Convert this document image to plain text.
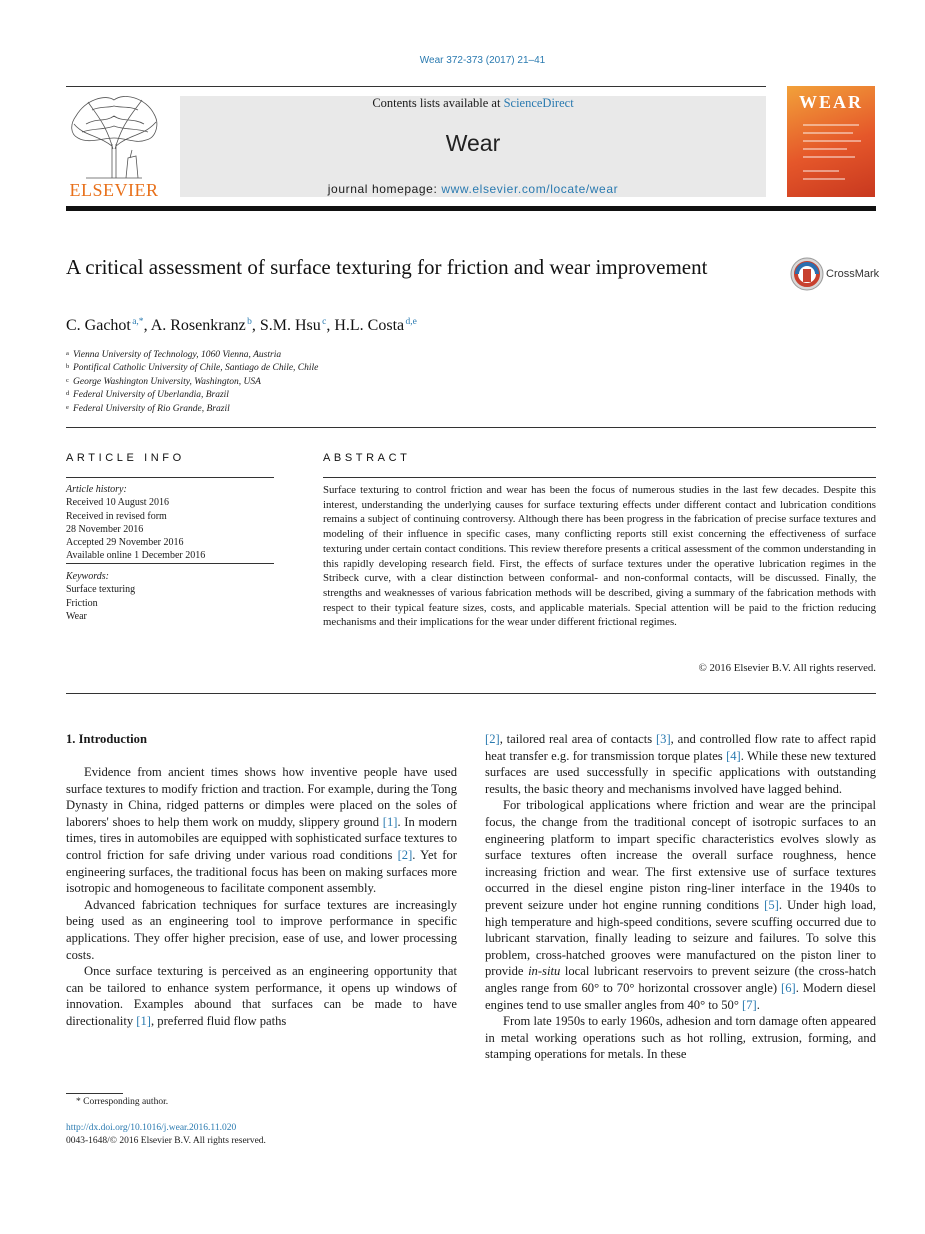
Wear 372-373 (2017) 21–41
ELSEVIER
Contents lists available at ScienceDirect
Wear
journal homepage: www.elsevier.com/locate/wear
WEAR
A critical assessment of surface texturing for friction and wear improvement	CrossMark
C. Gachot $^{a,*}$, A. Rosenkranz $^b$, S.M. Hsu $^c$, H.L. Costa $^{d,e}$
a Vienna University of Technology, 1060 Vienna, Austria
b Pontifical Catholic University of Chile, Santiago de Chile, Chile
c George Washington University, Washington, USA
d Federal University of Uberlandia, Brazil
e Federal University of Rio Grande, Brazil
ARTICLE INFO
Article history:
Received 10 August 2016
Received in revised form
28 November 2016
Accepted 29 November 2016
Available online 1 December 2016
Keywords:
Surface texturing
Friction
Wear
ABSTRACT
Surface texturing to control friction and wear has been the focus of numerous studies in the last few decades. Despite this interest, understanding the underlying causes for surface texturing effects under different contact and lubrication conditions remains a subject of continuing controversy. Although there has been progress in the fabrication of precise surface textures and modeling of their influence in specific cases, many conflicting reports still exist concerning the effectiveness of surface texturing under certain contact conditions. This review therefore presents a critical assessment of the common understanding in this rapidly developing research field. First, the effects of surface textures under the operative lubrication regimes in the Stribeck curve, with a clear distinction between conformal- and non-conformal contacts, will be discussed. Finally, the strengths and weaknesses of various fabrication methods will be described, giving a summary of the fabrication methods with respect to their typical feature sizes, costs, and applicable materials. Special attention will be paid to the friction reducing mechanisms and their implications for the wear under different frictional regimes.
© 2016 Elsevier B.V. All rights reserved.
1. Introduction

Evidence from ancient times shows how inventive people have used surface textures to modify friction and traction. For example, during the Tong Dynasty in China, ridged patterns or dimples were placed on the soles of laborers' shoes to help them work on muddy, slippery ground [1]. In modern times, tires in automobiles are equipped with sophisticated surface textures to control friction for safe driving under various road conditions [2]. Yet for engineering surfaces, the traditional focus has been on making surfaces more isotropic and homogeneous to facilitate component assembly.

Advanced fabrication techniques for surface textures are increasingly being used as an engineering tool to improve performance in specific applications. They offer higher precision, ease of use, and lower processing costs.

Once surface texturing is perceived as an engineering opportunity that can be tailored to enhance system performance, it opens up windows of innovation. Examples abound that surfaces can be made to have directionality [1], preferred fluid flow paths

[2], tailored real area of contacts [3], and controlled flow rate to affect rapid heat transfer e.g. for transmission torque plates [4]. While these new textured surfaces are used successfully in specific applications with outstanding results, the basic theory and mechanisms involved have lagged behind.

For tribological applications where friction and wear are the principal focus, the change from the traditional concept of isotropic surfaces to an engineering platform to impart specific characteristics evolves slowly as surface textures often increase the overall surface roughness, hence increasing friction and wear. The first extensive use of surface textures occurred in the diesel engine piston ring-liner interface in the 1940s to prevent seizure under hot engine running conditions [5]. Under high load, high temperature and high-speed conditions, severe scuffing occurred due to lubricant starvation, finally leading to seizure and failures. To solve this problem, cross-hatched grooves were manufactured on the piston liner to provide in-situ local lubricant reservoirs to prevent seizure (the cross-hatch angles range from 60° to 70° horizontal crossover angle) [6]. Modern diesel engines tend to use smaller angles from 40° to 50° [7].

From late 1950s to early 1960s, adhesion and torn damage often appeared in metal working operations such as hot rolling, extrusion, forming, and stamping operations for metals. In these

* Corresponding author.
http://dx.doi.org/10.1016/j.wear.2016.11.020
0043-1648/© 2016 Elsevier B.V. All rights reserved.
